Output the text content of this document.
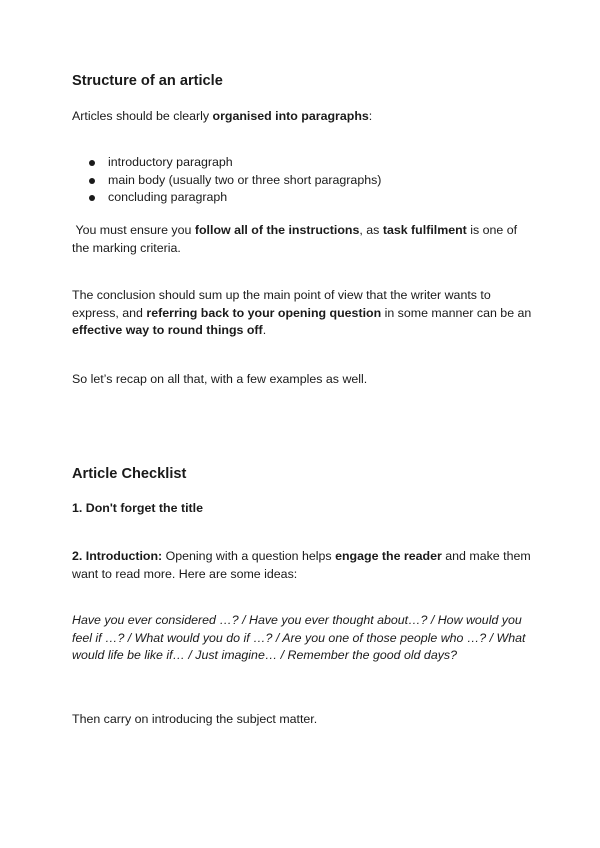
Structure of an article

Articles should be clearly organised into paragraphs:

introductory paragraph
main body (usually two or three short paragraphs)
concluding paragraph

You must ensure you follow all of the instructions, as task fulfilment is one of the marking criteria.

The conclusion should sum up the main point of view that the writer wants to express, and referring back to your opening question in some manner can be an effective way to round things off.

So let’s recap on all that, with a few examples as well.

Article Checklist

1. Don't forget the title

2. Introduction: Opening with a question helps engage the reader and make them want to read more. Here are some ideas:

Have you ever considered …? / Have you ever thought about…? / How would you feel if …? / What would you do if …? / Are you one of those people who …? / What would life be like if… / Just imagine… / Remember the good old days?

Then carry on introducing the subject matter.
